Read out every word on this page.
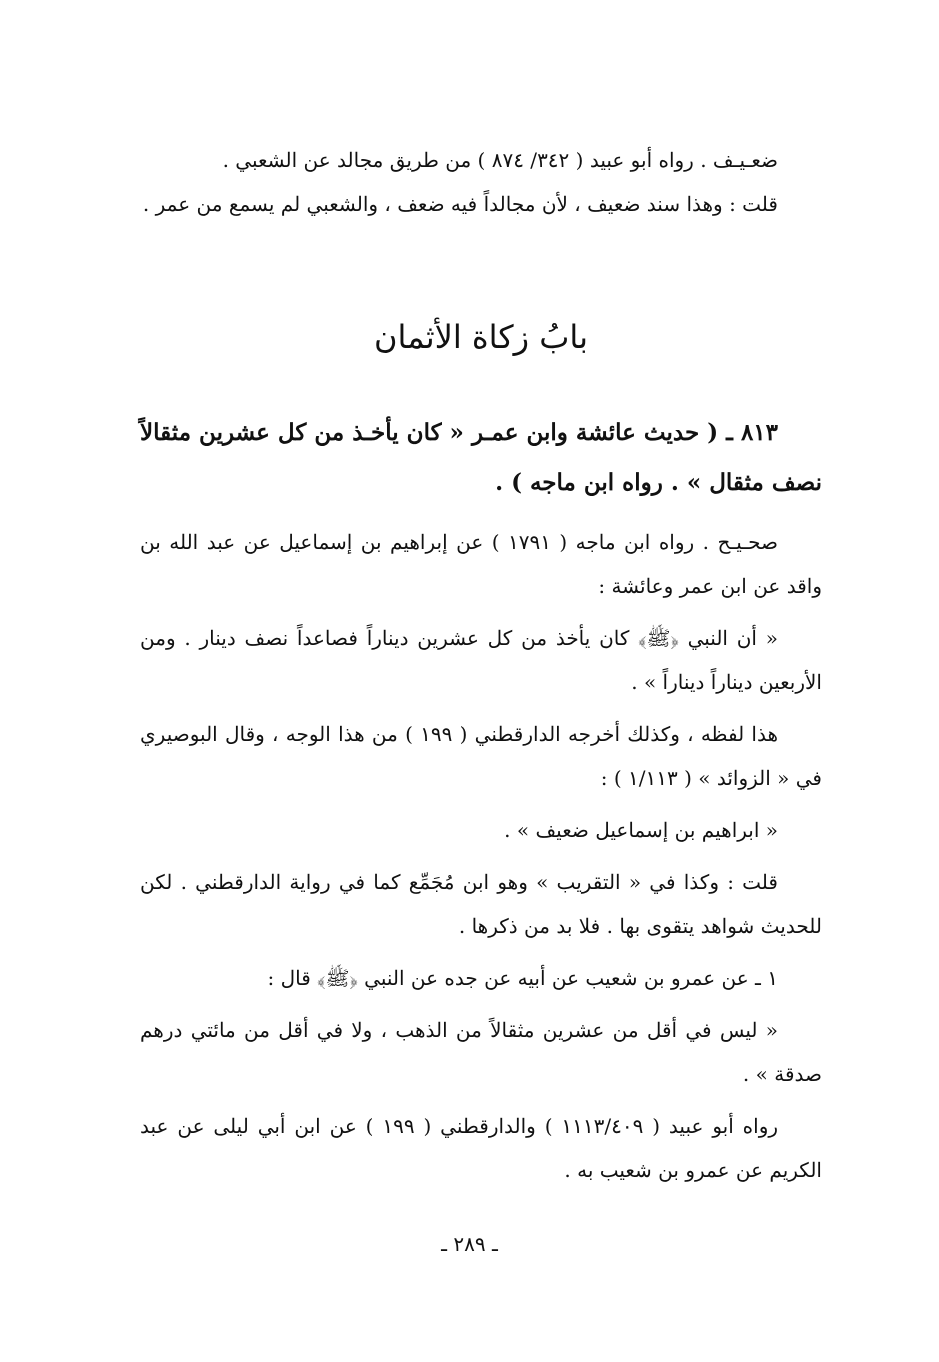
ضعـيـف . رواه أبو عبيد ( ٣٤٢/ ٨٧٤ ) من طريق مجالد عن الشعبي .

قلت : وهذا سند ضعيف ، لأن مجالداً فيه ضعف ، والشعبي لم يسمع من عمر .

بابُ زكاة الأثمان

٨١٣ ـ ( حديث عائشة وابن عمـر « كان يأخـذ من كل عشرين مثقالاً نصف مثقال » . رواه ابن ماجه ) .

صحـيـح . رواه ابن ماجه ( ١٧٩١ ) عن إبراهيم بن إسماعيل عن عبد الله بن واقد عن ابن عمر وعائشة :

« أن النبي ﴿ﷺ﴾ كان يأخذ من كل عشرين ديناراً فصاعداً نصف دينار . ومن الأربعين ديناراً ديناراً » .

هذا لفظه ، وكذلك أخرجه الدارقطني ( ١٩٩ ) من هذا الوجه ، وقال البوصيري في « الزوائد » ( ١/١١٣ ) :

« ابراهيم بن إسماعيل ضعيف » .

قلت : وكذا في « التقريب » وهو ابن مُجَمِّع كما في رواية الدارقطني . لكن للحديث شواهد يتقوى بها . فلا بد من ذكرها .

١ ـ عن عمرو بن شعيب عن أبيه عن جده عن النبي ﴿ﷺ﴾ قال :

« ليس في أقل من عشرين مثقالاً من الذهب ، ولا في أقل من مائتي درهم صدقة » .

رواه أبو عبيد ( ١١١٣/٤٠٩ ) والدارقطني ( ١٩٩ ) عن ابن أبي ليلى عن عبد الكريم عن عمرو بن شعيب به .

ـ ٢٨٩ ـ
